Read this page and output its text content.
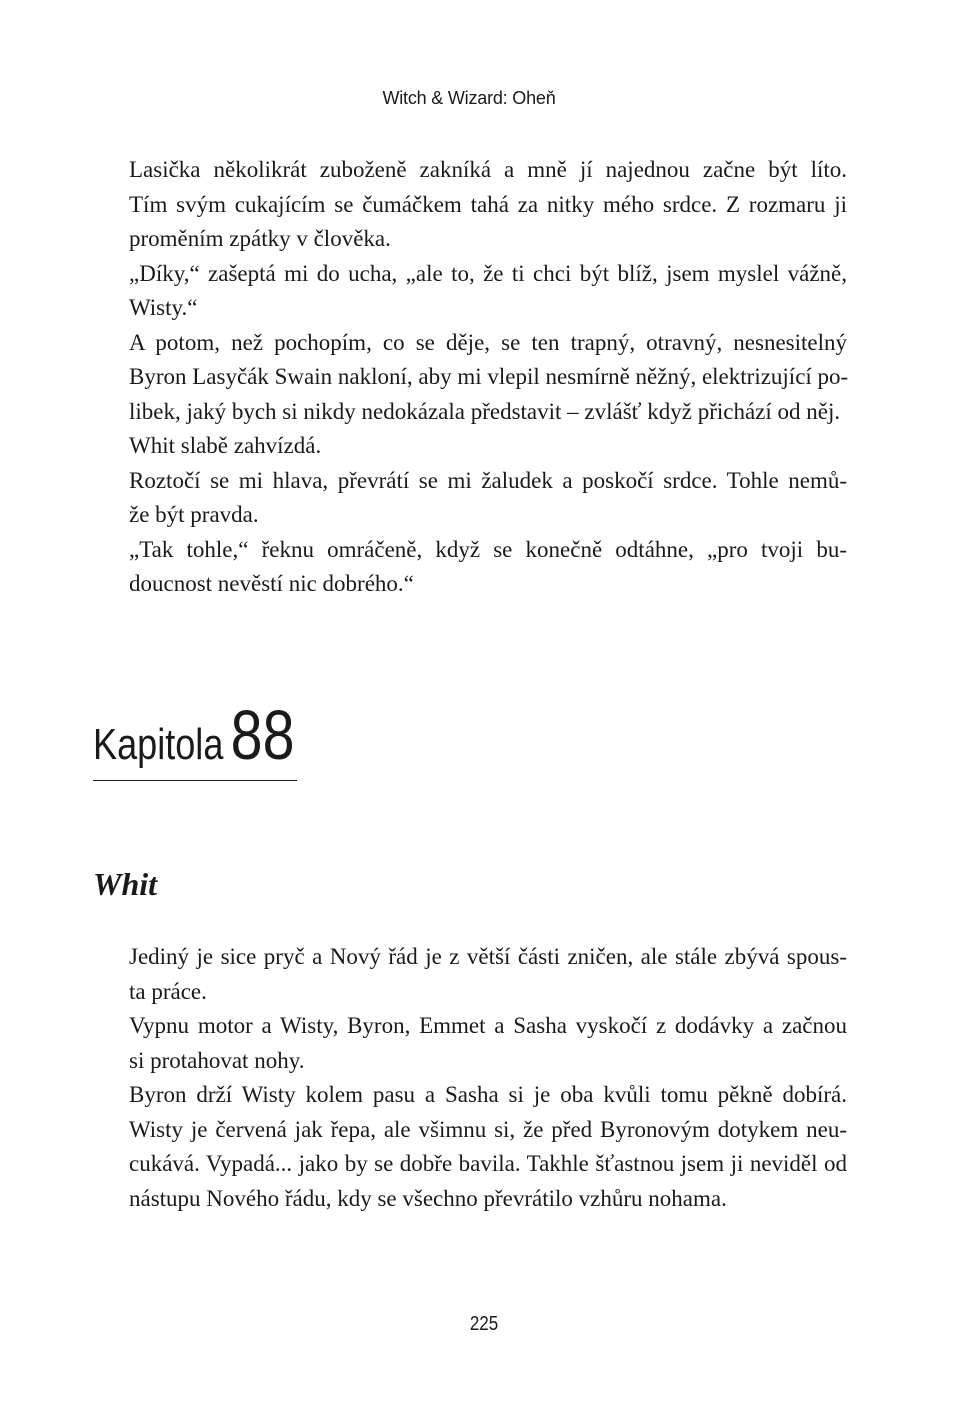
Witch & Wizard: Oheň

Lasička několikrát zuboženě zakníká a mně jí najednou začne být líto.
Tím svým cukajícím se čumáčkem tahá za nitky mého srdce. Z rozmaru ji
proměním zpátky v člověka.

„Díky,“ zašeptá mi do ucha, „ale to, že ti chci být blíž, jsem myslel vážně,
Wisty.“

A potom, než pochopím, co se děje, se ten trapný, otravný, nesnesitelný
Byron Lasyčák Swain nakloní, aby mi vlepil nesmírně něžný, elektrizující po-
libek, jaký bych si nikdy nedokázala představit – zvlášť když přichází od něj.

Whit slabě zahvízdá.

Roztočí se mi hlava, převrátí se mi žaludek a poskočí srdce. Tohle nemů-
že být pravda.

„Tak tohle,“ řeknu omráčeně, když se konečně odtáhne, „pro tvoji bu-
doucnost nevěstí nic dobrého.“

Kapitola 88
Whit

Jediný je sice pryč a Nový řád je z větší části zničen, ale stále zbývá spous-
ta práce.

Vypnu motor a Wisty, Byron, Emmet a Sasha vyskočí z dodávky a začnou
si protahovat nohy.

Byron drží Wisty kolem pasu a Sasha si je oba kvůli tomu pěkně dobírá.
Wisty je červená jak řepa, ale všimnu si, že před Byronovým dotykem neu-
cukává. Vypadá... jako by se dobře bavila. Takhle šťastnou jsem ji neviděl od
nástupu Nového řádu, kdy se všechno převrátilo vzhůru nohama.

225
